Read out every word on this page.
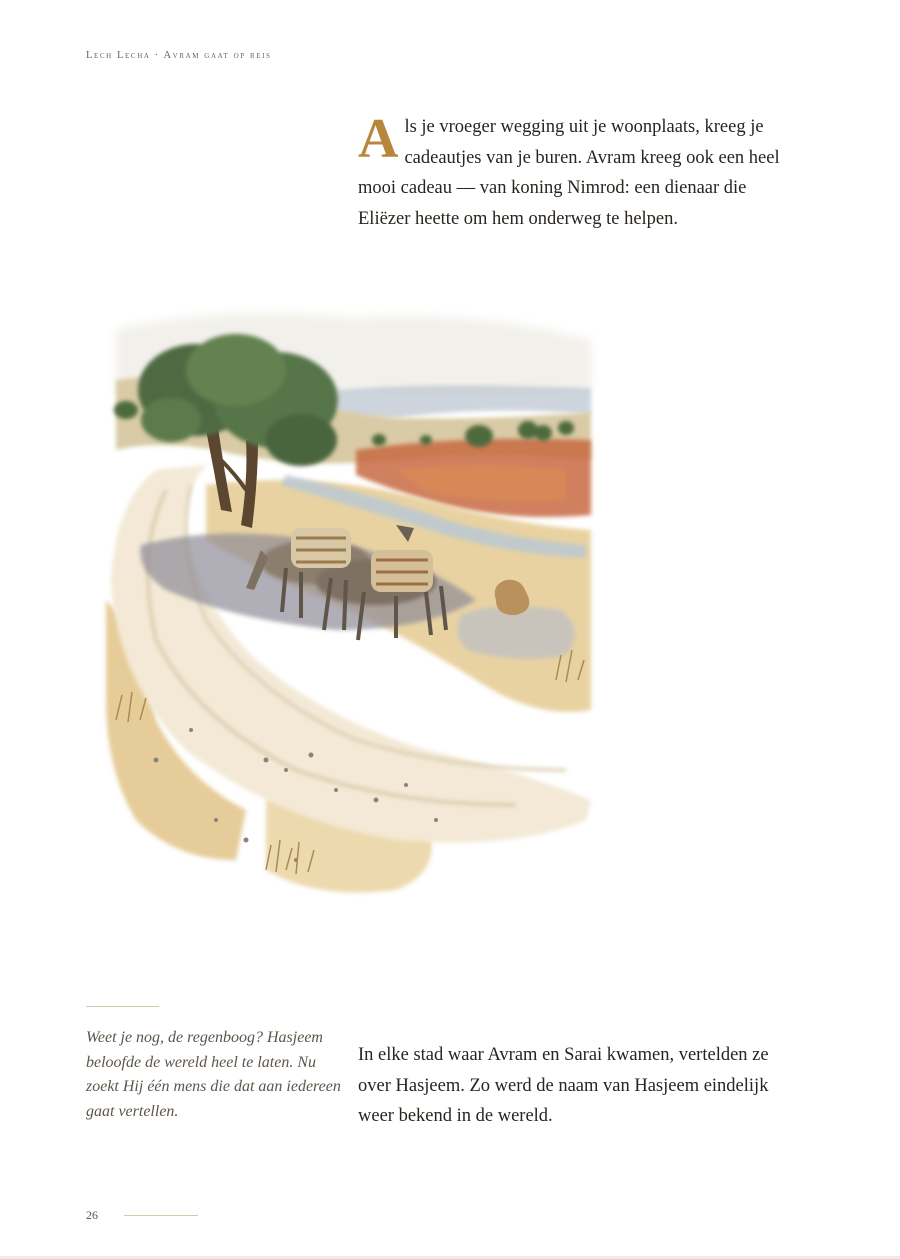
Lech Lecha · Avram gaat op reis
Als je vroeger wegging uit je woonplaats, kreeg je cadeautjes van je buren. Avram kreeg ook een heel mooi cadeau — van koning Nimrod: een dienaar die Eliëzer heette om hem onderweg te helpen.
Weet je nog, de regenboog? Hasjeem beloofde de wereld heel te laten. Nu zoekt Hij één mens die dat aan iedereen gaat vertellen.
In elke stad waar Avram en Sarai kwamen, vertelden ze over Hasjeem. Zo werd de naam van Hasjeem eindelijk weer bekend in de wereld.
26
